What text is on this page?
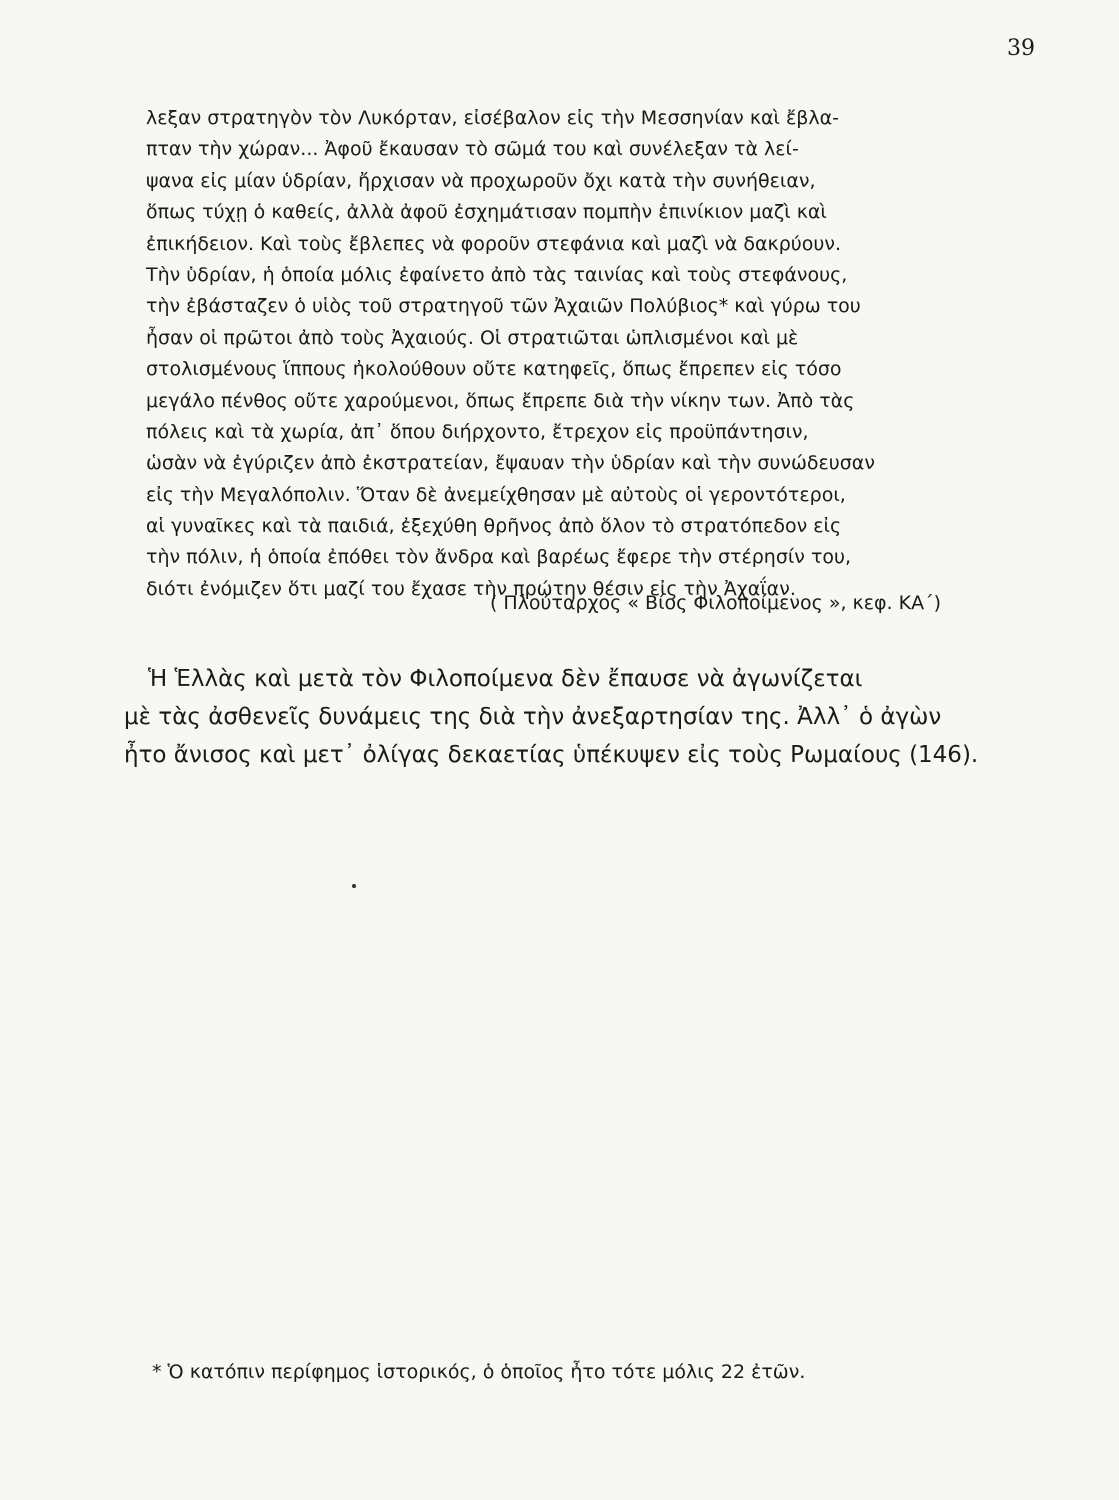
39
λεξαν στρατηγὸν τὸν Λυκόρταν, εἰσέβαλον εἰς τὴν Μεσσηνίαν καὶ ἔβλα-
πταν τὴν χώραν... Ἀφοῦ ἔκαυσαν τὸ σῶμά του καὶ συνέλεξαν τὰ λεί-
ψανα εἰς μίαν ὑδρίαν, ἤρχισαν νὰ προχωροῦν ὄχι κατὰ τὴν συνήθειαν,
ὅπως τύχῃ ὁ καθείς, ἀλλὰ ἀφοῦ ἐσχημάτισαν πομπὴν ἐπινίκιον μαζὶ καὶ
ἐπικήδειον. Καὶ τοὺς ἔβλεπες νὰ φοροῦν στεφάνια καὶ μαζὶ νὰ δακρύουν.
Τὴν ὑδρίαν, ἡ ὁποία μόλις ἐφαίνετο ἀπὸ τὰς ταινίας καὶ τοὺς στεφάνους,
τὴν ἐβάσταζεν ὁ υἱὸς τοῦ στρατηγοῦ τῶν Ἀχαιῶν Πολύβιος* καὶ γύρω του
ἦσαν οἱ πρῶτοι ἀπὸ τοὺς Ἀχαιούς. Οἱ στρατιῶται ὡπλισμένοι καὶ μὲ
στολισμένους ἵππους ἠκολούθουν οὔτε κατηφεῖς, ὅπως ἔπρεπεν εἰς τόσο
μεγάλο πένθος οὔτε χαρούμενοι, ὅπως ἔπρεπε διὰ τὴν νίκην των. Ἀπὸ τὰς
πόλεις καὶ τὰ χωρία, ἀπ᾽ ὅπου διήρχοντο, ἔτρεχον εἰς προϋπάντησιν,
ὡσὰν νὰ ἐγύριζεν ἀπὸ ἐκστρατείαν, ἔψαυαν τὴν ὑδρίαν καὶ τὴν συνώδευσαν
εἰς τὴν Μεγαλόπολιν. Ὅταν δὲ ἀνεμείχθησαν μὲ αὐτοὺς οἱ γεροντότεροι,
αἱ γυναῖκες καὶ τὰ παιδιά, ἐξεχύθη θρῆνος ἀπὸ ὅλον τὸ στρατόπεδον εἰς
τὴν πόλιν, ἡ ὁποία ἐπόθει τὸν ἄνδρα καὶ βαρέως ἔφερε τὴν στέρησίν του,
διότι ἐνόμιζεν ὅτι μαζί του ἔχασε τὴν πρώτην θέσιν εἰς τὴν Ἀχαΐαν.
( Πλούταρχος « Βίος Φιλοποίμενος », κεφ. ΚΑ΄)
Ἡ Ἑλλὰς καὶ μετὰ τὸν Φιλοποίμενα δὲν ἔπαυσε νὰ ἀγωνίζεται
μὲ τὰς ἀσθενεῖς δυνάμεις της διὰ τὴν ἀνεξαρτησίαν της. Ἀλλ᾽ ὁ ἀγὼν
ἦτο ἄνισος καὶ μετ᾽ ὀλίγας δεκαετίας ὑπέκυψεν εἰς τοὺς Ρωμαίους (146).
* Ὁ κατόπιν περίφημος ἱστορικός, ὁ ὁποῖος ἦτο τότε μόλις 22 ἐτῶν.
